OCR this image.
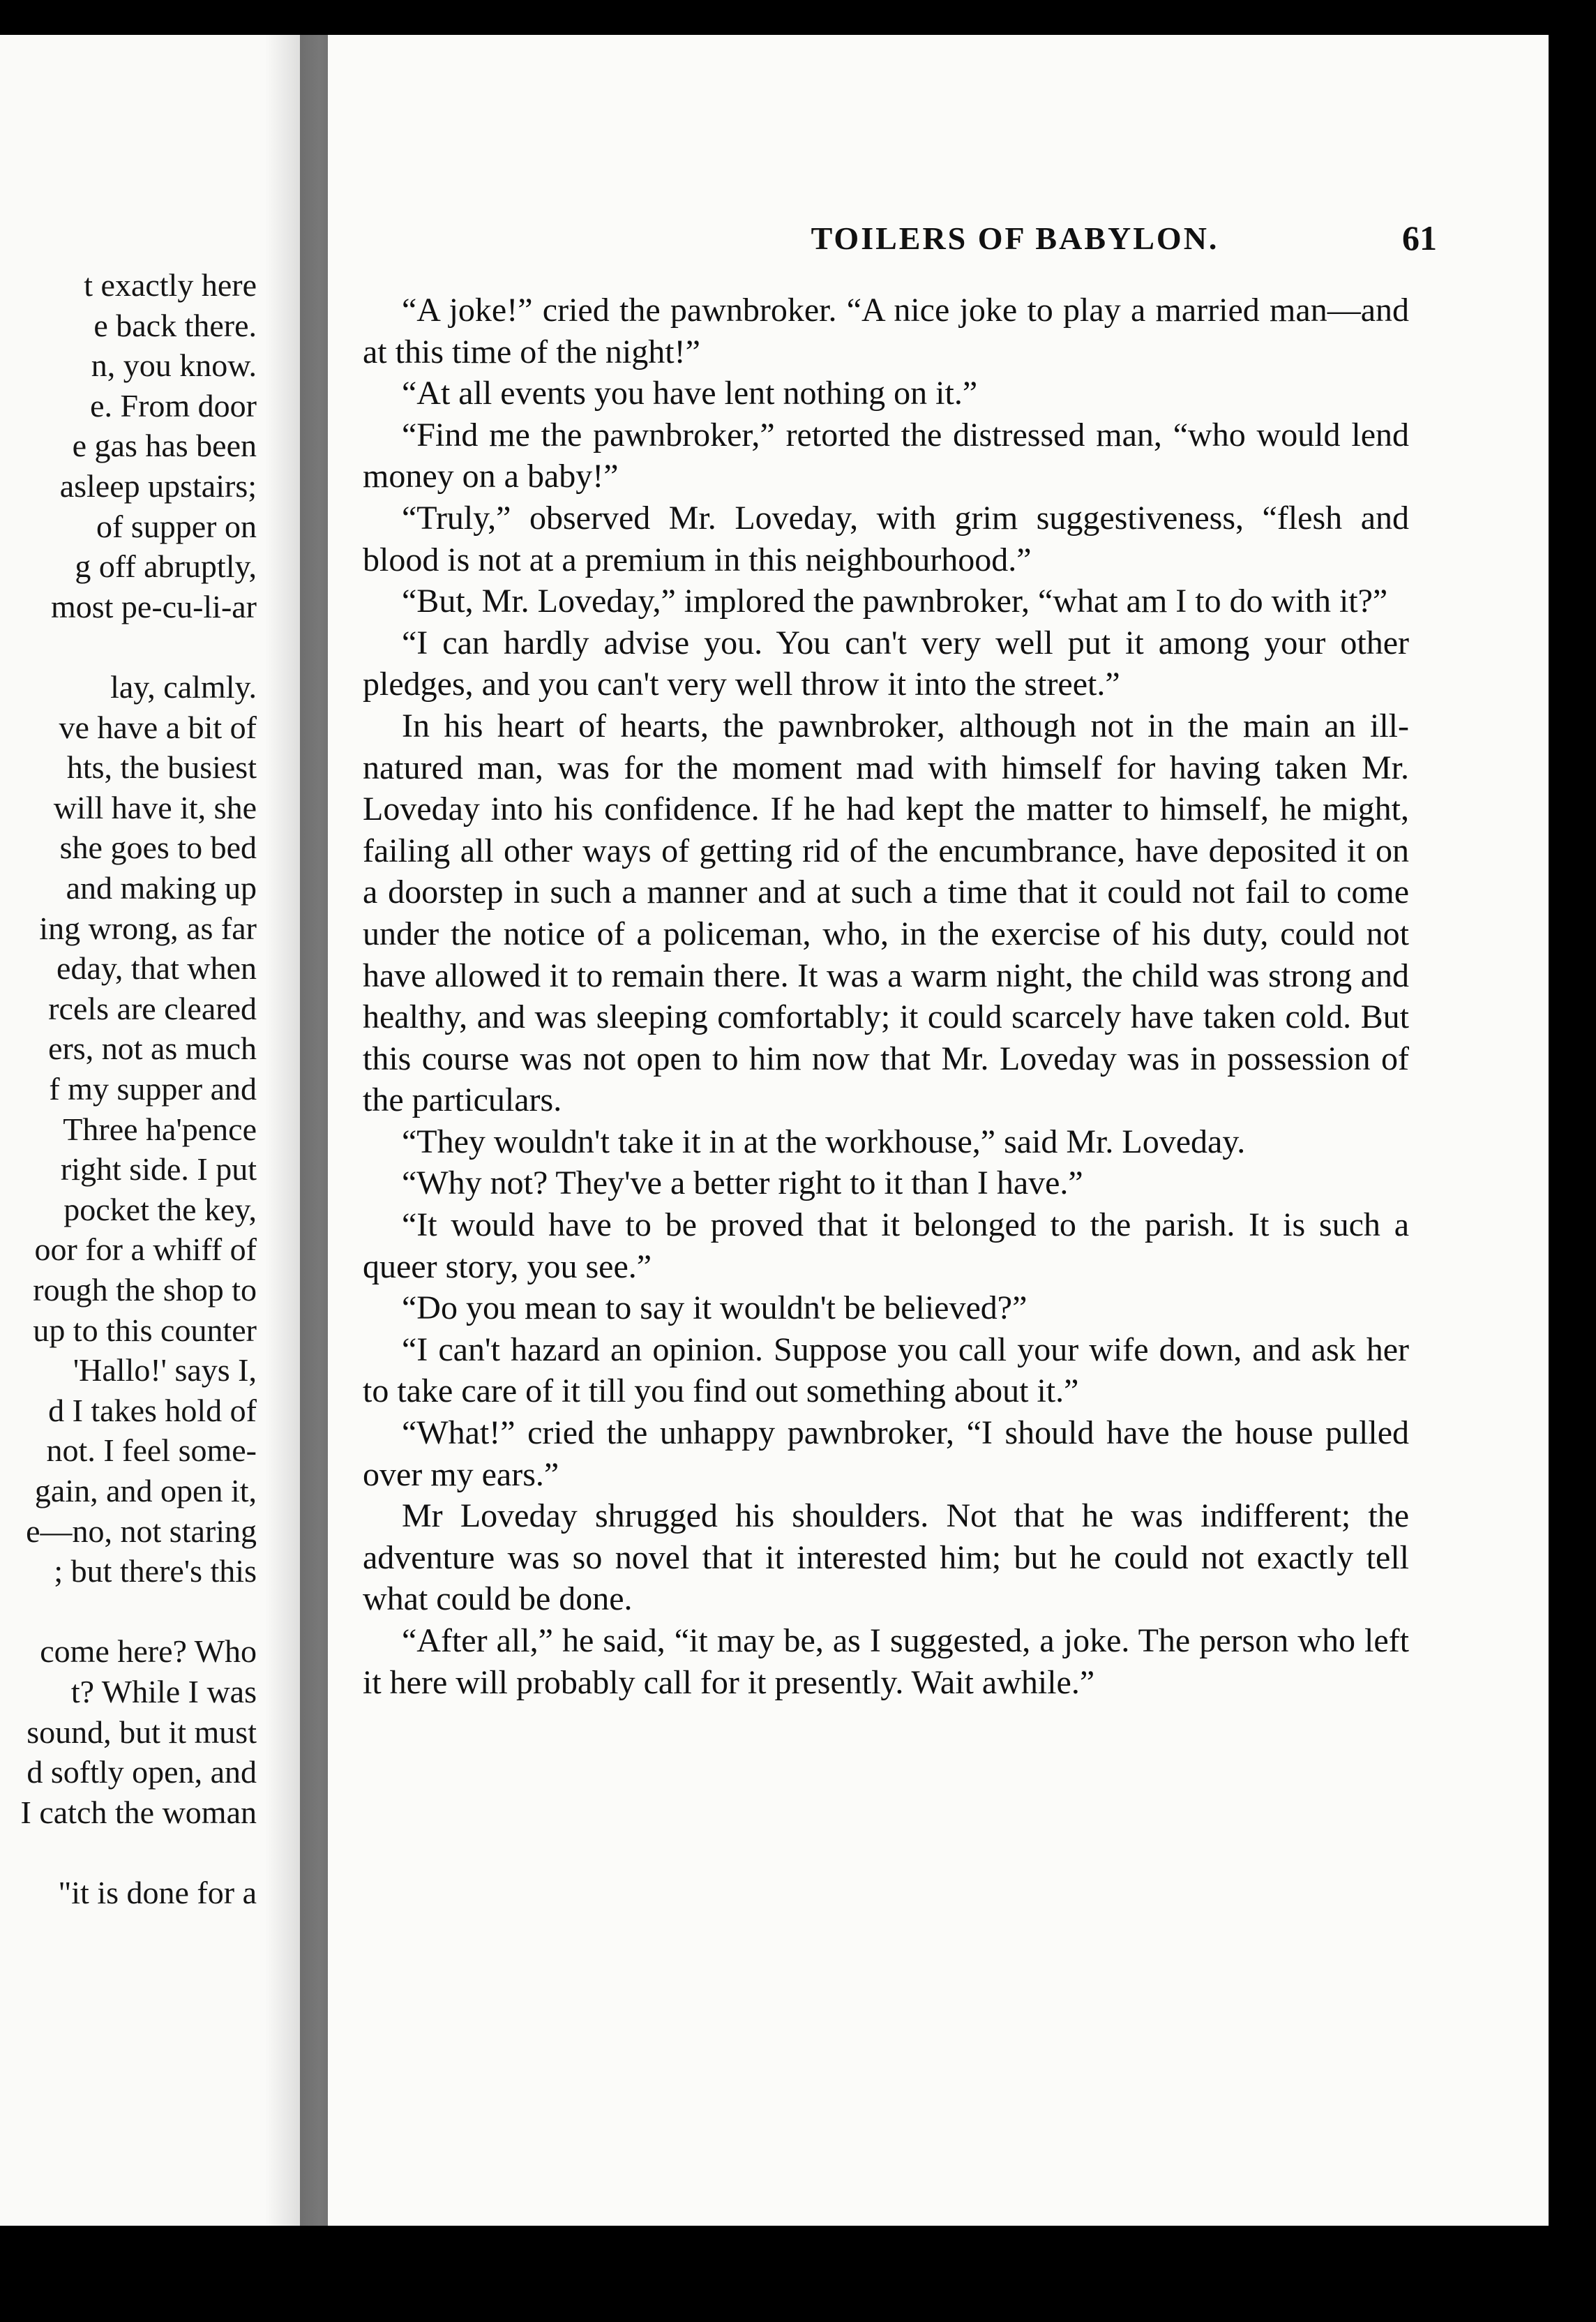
t exactly here
e back there.
n, you know.
e. From door
e gas has been
asleep upstairs;
of supper on
g off abruptly,
most pe-cu-li-ar
lay, calmly.
ve have a bit of
hts, the busiest
will have it, she
she goes to bed
and making up
ing wrong, as far
eday, that when
rcels are cleared
ers, not as much
f my supper and
Three ha'pence
right side. I put
pocket the key,
oor for a whiff of
rough the shop to
up to this counter
'Hallo!' says I,
d I takes hold of
not. I feel some-
gain, and open it,
e—no, not staring
; but there's this
come here? Who
t? While I was
sound, but it must
d softly open, and
I catch the woman
"it is done for a
TOILERS OF BABYLON.	61

“A joke!” cried the pawnbroker. “A nice joke to play a married man—and at this time of the night!”

“At all events you have lent nothing on it.”

“Find me the pawnbroker,” retorted the distressed man, “who would lend money on a baby!”

“Truly,” observed Mr. Loveday, with grim suggestiveness, “flesh and blood is not at a premium in this neighbourhood.”

“But, Mr. Loveday,” implored the pawnbroker, “what am I to do with it?”

“I can hardly advise you. You can't very well put it among your other pledges, and you can't very well throw it into the street.”

In his heart of hearts, the pawnbroker, although not in the main an ill-natured man, was for the moment mad with himself for having taken Mr. Loveday into his confidence. If he had kept the matter to himself, he might, failing all other ways of getting rid of the encumbrance, have deposited it on a doorstep in such a manner and at such a time that it could not fail to come under the notice of a policeman, who, in the exercise of his duty, could not have allowed it to remain there. It was a warm night, the child was strong and healthy, and was sleeping comfortably; it could scarcely have taken cold. But this course was not open to him now that Mr. Loveday was in possession of the particulars.

“They wouldn't take it in at the workhouse,” said Mr. Loveday.

“Why not? They've a better right to it than I have.”

“It would have to be proved that it belonged to the parish. It is such a queer story, you see.”

“Do you mean to say it wouldn't be believed?”

“I can't hazard an opinion. Suppose you call your wife down, and ask her to take care of it till you find out something about it.”

“What!” cried the unhappy pawnbroker, “I should have the house pulled over my ears.”

Mr Loveday shrugged his shoulders. Not that he was indifferent; the adventure was so novel that it interested him; but he could not exactly tell what could be done.

“After all,” he said, “it may be, as I suggested, a joke. The person who left it here will probably call for it presently. Wait awhile.”
